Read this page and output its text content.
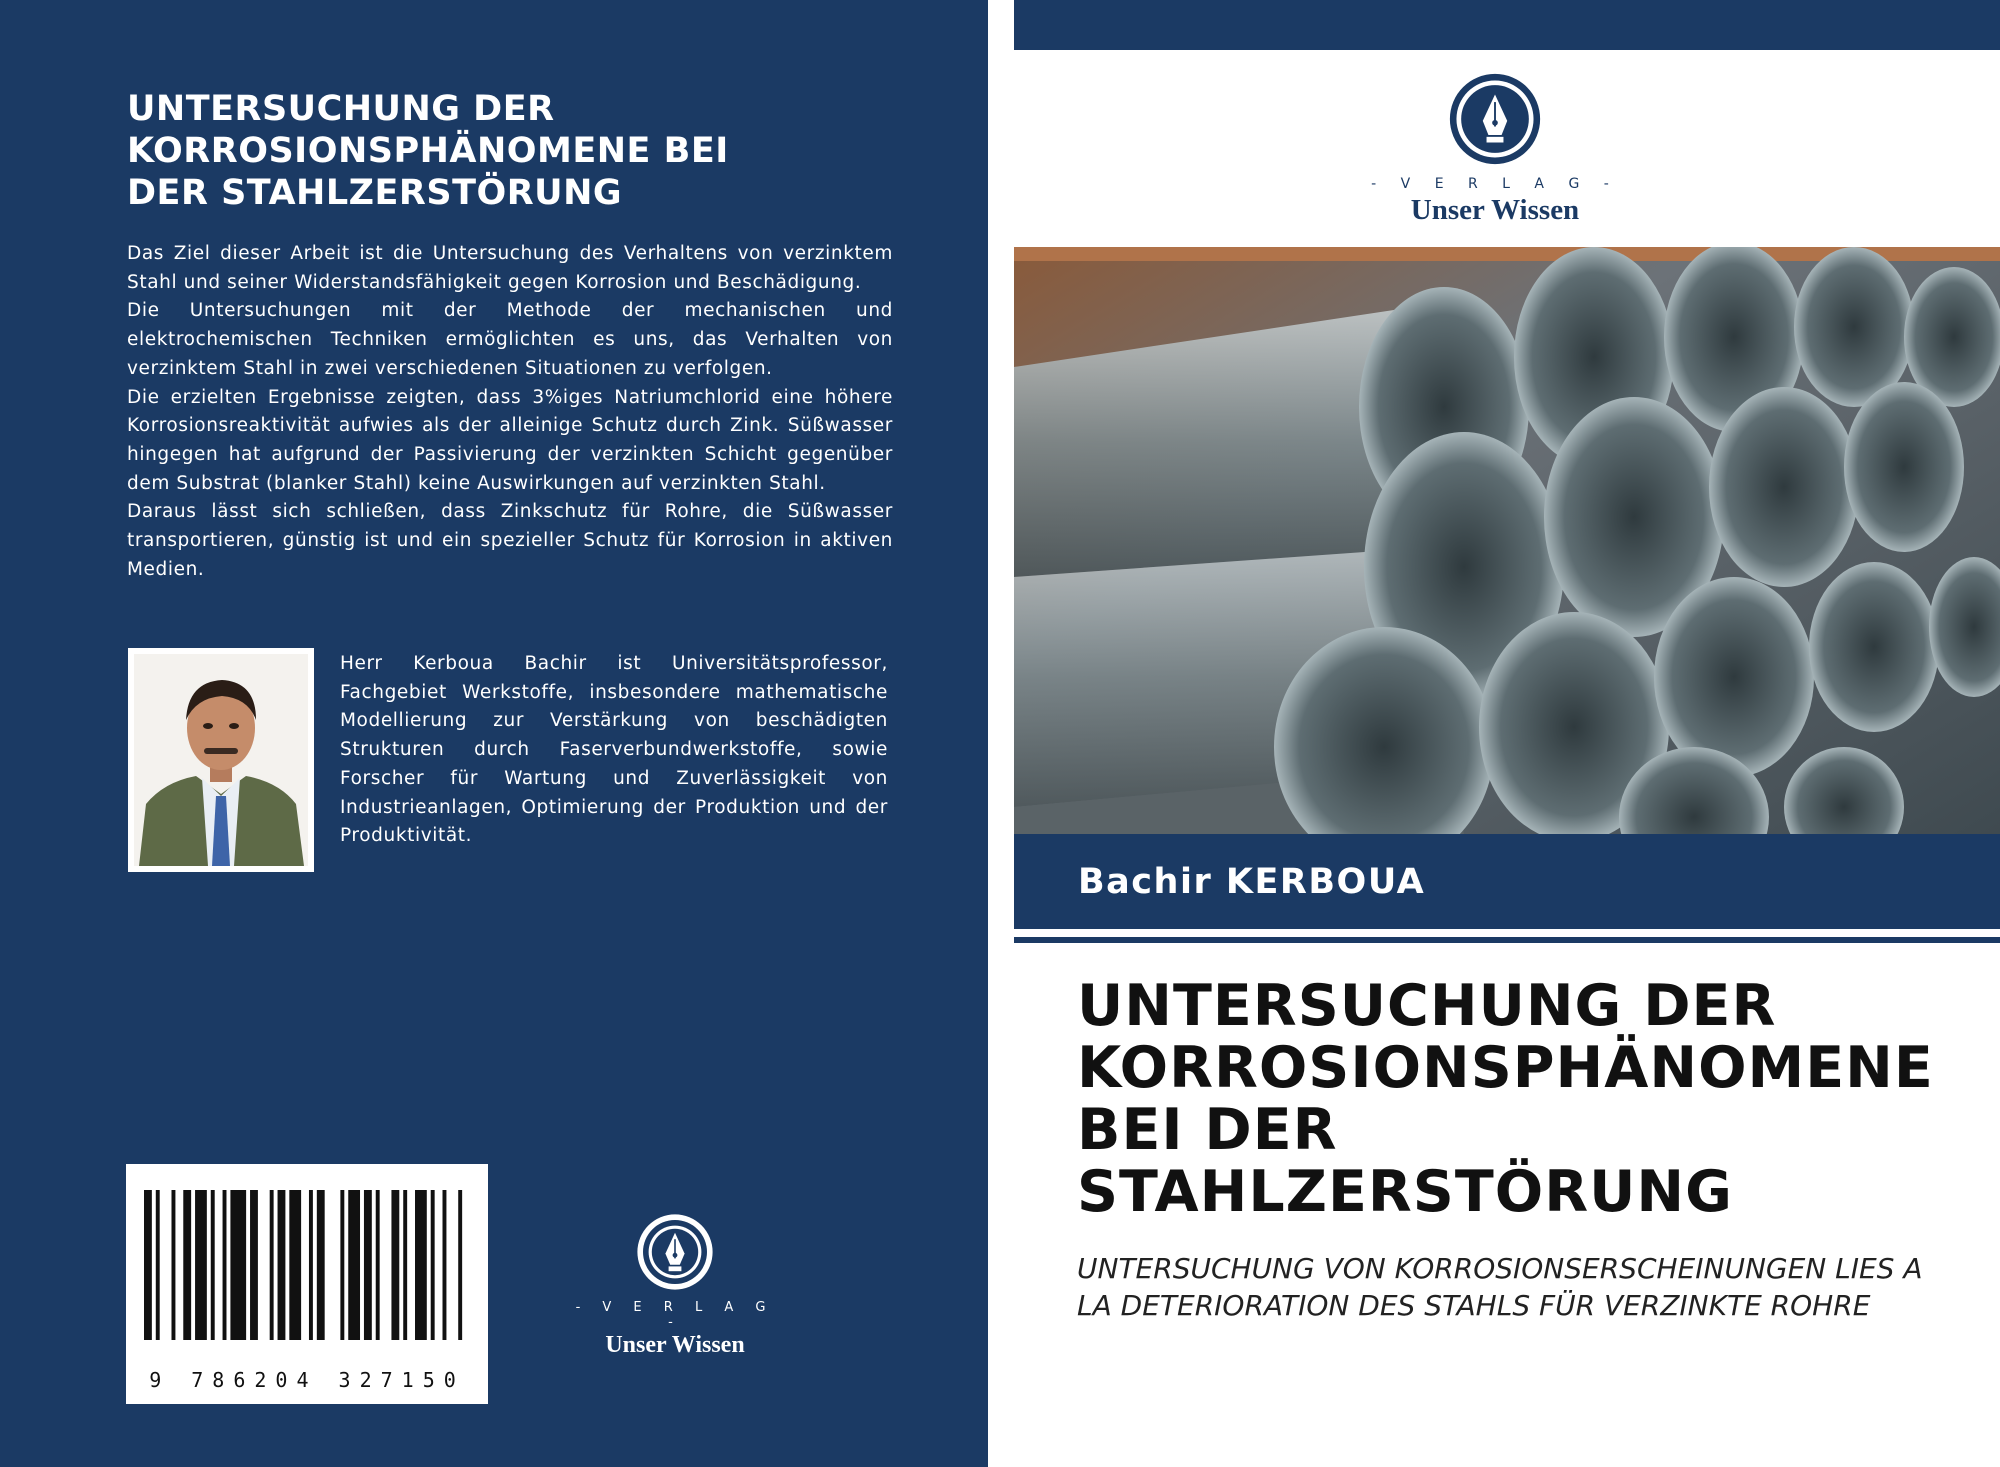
UNTERSUCHUNG DER
KORROSIONSPHÄNOMENE BEI
DER STAHLZERSTÖRUNG

Das Ziel dieser Arbeit ist die Untersuchung des Verhaltens von verzinktem Stahl und seiner Widerstandsfähigkeit gegen Korrosion und Beschädigung.

Die Untersuchungen mit der Methode der mechanischen und elektrochemischen Techniken ermöglichten es uns, das Verhalten von verzinktem Stahl in zwei verschiedenen Situationen zu verfolgen.

Die erzielten Ergebnisse zeigten, dass 3%iges Natriumchlorid eine höhere Korrosionsreaktivität aufwies als der alleinige Schutz durch Zink. Süßwasser hingegen hat aufgrund der Passivierung der verzinkten Schicht gegenüber dem Substrat (blanker Stahl) keine Auswirkungen auf verzinkten Stahl.

Daraus lässt sich schließen, dass Zinkschutz für Rohre, die Süßwasser transportieren, günstig ist und ein spezieller Schutz für Korrosion in aktiven Medien.

Herr Kerboua Bachir ist Universitätsprofessor, Fachgebiet Werkstoffe, insbesondere mathematische Modellierung zur Verstärkung von beschädigten Strukturen durch Faserverbundwerkstoffe, sowie Forscher für Wartung und Zuverlässigkeit von Industrieanlagen, Optimierung der Produktion und der Produktivität.

9 786204 327150
- V E R L A G -
Unser Wissen
- V E R L A G -
Unser Wissen
Bachir KERBOUA
UNTERSUCHUNG DER
KORROSIONSPHÄNOMENE
BEI DER
STAHLZERSTÖRUNG

UNTERSUCHUNG VON KORROSIONSERSCHEINUNGEN LIES A LA DETERIORATION DES STAHLS FÜR VERZINKTE ROHRE
